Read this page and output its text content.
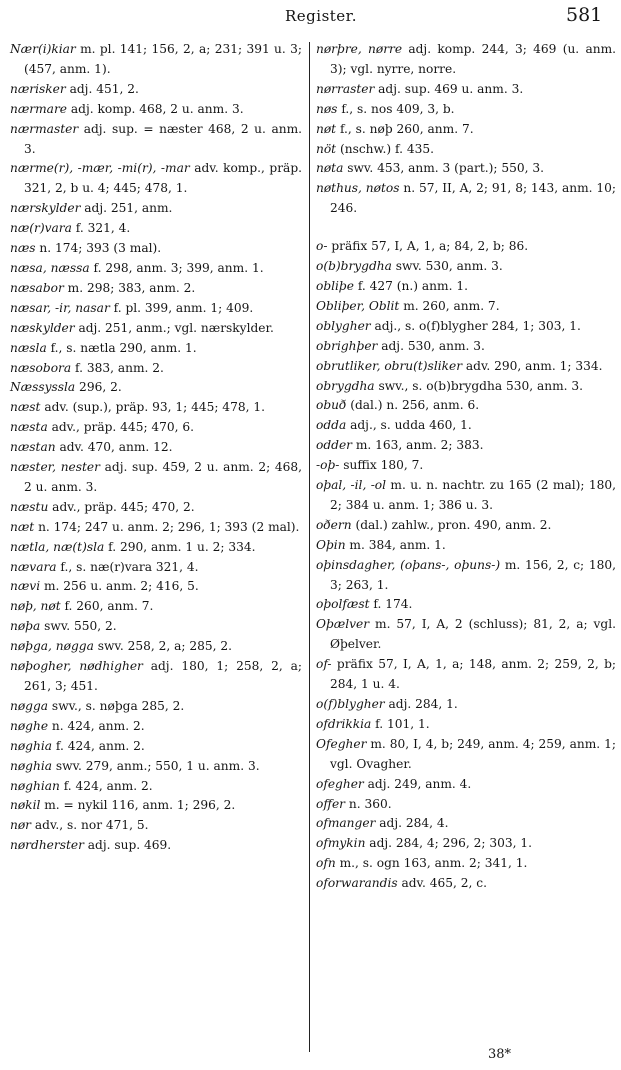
Register.	581
Nær(i)kiar m. pl. 141; 156, 2, a; 231; 391 u. 3; (457, anm. 1).
nærisker adj. 451, 2.
nærmare adj. komp. 468, 2 u. anm. 3.
nærmaster adj. sup. = næster 468, 2 u. anm. 3.
nærme(r), -mær, -mi(r), -mar adv. komp., präp. 321, 2, b u. 4; 445; 478, 1.
nærskylder adj. 251, anm.
næ(r)vara f. 321, 4.
næs n. 174; 393 (3 mal).
næsa, næssa f. 298, anm. 3; 399, anm. 1.
næsabor m. 298; 383, anm. 2.
næsar, -ir, nasar f. pl. 399, anm. 1; 409.
næskylder adj. 251, anm.; vgl. nærskylder.
næsla f., s. nætla 290, anm. 1.
næsobora f. 383, anm. 2.
Næssyssla 296, 2.
næst adv. (sup.), präp. 93, 1; 445; 478, 1.
næsta adv., präp. 445; 470, 6.
næstan adv. 470, anm. 12.
næster, nester adj. sup. 459, 2 u. anm. 2; 468, 2 u. anm. 3.
næstu adv., präp. 445; 470, 2.
næt n. 174; 247 u. anm. 2; 296, 1; 393 (2 mal).
nætla, næ(t)sla f. 290, anm. 1 u. 2; 334.
nævara f., s. næ(r)vara 321, 4.
nævi m. 256 u. anm. 2; 416, 5.
nøþ, nøt f. 260, anm. 7.
nøþa swv. 550, 2.
nøþga, nøgga swv. 258, 2, a; 285, 2.
nøþogher, nødhigher adj. 180, 1; 258, 2, a; 261, 3; 451.
nøgga swv., s. nøþga 285, 2.
nøghe n. 424, anm. 2.
nøghia f. 424, anm. 2.
nøghia swv. 279, anm.; 550, 1 u. anm. 3.
nøghian f. 424, anm. 2.
nøkil m. = nykil 116, anm. 1; 296, 2.
nør adv., s. nor 471, 5.
nørdherster adj. sup. 469.
nørþre, nørre adj. komp. 244, 3; 469 (u. anm. 3); vgl. nyrre, norre.
nørraster adj. sup. 469 u. anm. 3.
nøs f., s. nos 409, 3, b.
nøt f., s. nøþ 260, anm. 7.
nöt (nschw.) f. 435.
nøta swv. 453, anm. 3 (part.); 550, 3.
nøthus, nøtos n. 57, II, A, 2; 91, 8; 143, anm. 10; 246.
o- präfix 57, I, A, 1, a; 84, 2, b; 86.
o(b)brygdha swv. 530, anm. 3.
obliþe f. 427 (n.) anm. 1.
Obliþer, Oblit m. 260, anm. 7.
oblygher adj., s. o(f)blygher 284, 1; 303, 1.
obrighþer adj. 530, anm. 3.
obrutliker, obru(t)sliker adv. 290, anm. 1; 334.
obrygdha swv., s. o(b)brygdha 530, anm. 3.
obuð (dal.) n. 256, anm. 6.
odda adj., s. udda 460, 1.
odder m. 163, anm. 2; 383.
-oþ- suffix 180, 7.
oþal, -il, -ol m. u. n. nachtr. zu 165 (2 mal); 180, 2; 384 u. anm. 1; 386 u. 3.
oðern (dal.) zahlw., pron. 490, anm. 2.
Oþin m. 384, anm. 1.
oþinsdagher, (oþans-, oþuns-) m. 156, 2, c; 180, 3; 263, 1.
oþolfæst f. 174.
Oþælver m. 57, I, A, 2 (schluss); 81, 2, a; vgl. Øþelver.
of- präfix 57, I, A, 1, a; 148, anm. 2; 259, 2, b; 284, 1 u. 4.
o(f)blygher adj. 284, 1.
ofdrikkia f. 101, 1.
Ofegher m. 80, I, 4, b; 249, anm. 4; 259, anm. 1; vgl. Ovagher.
ofegher adj. 249, anm. 4.
offer n. 360.
ofmanger adj. 284, 4.
ofmykin adj. 284, 4; 296, 2; 303, 1.
ofn m., s. ogn 163, anm. 2; 341, 1.
oforwarandis adv. 465, 2, c.
38*
